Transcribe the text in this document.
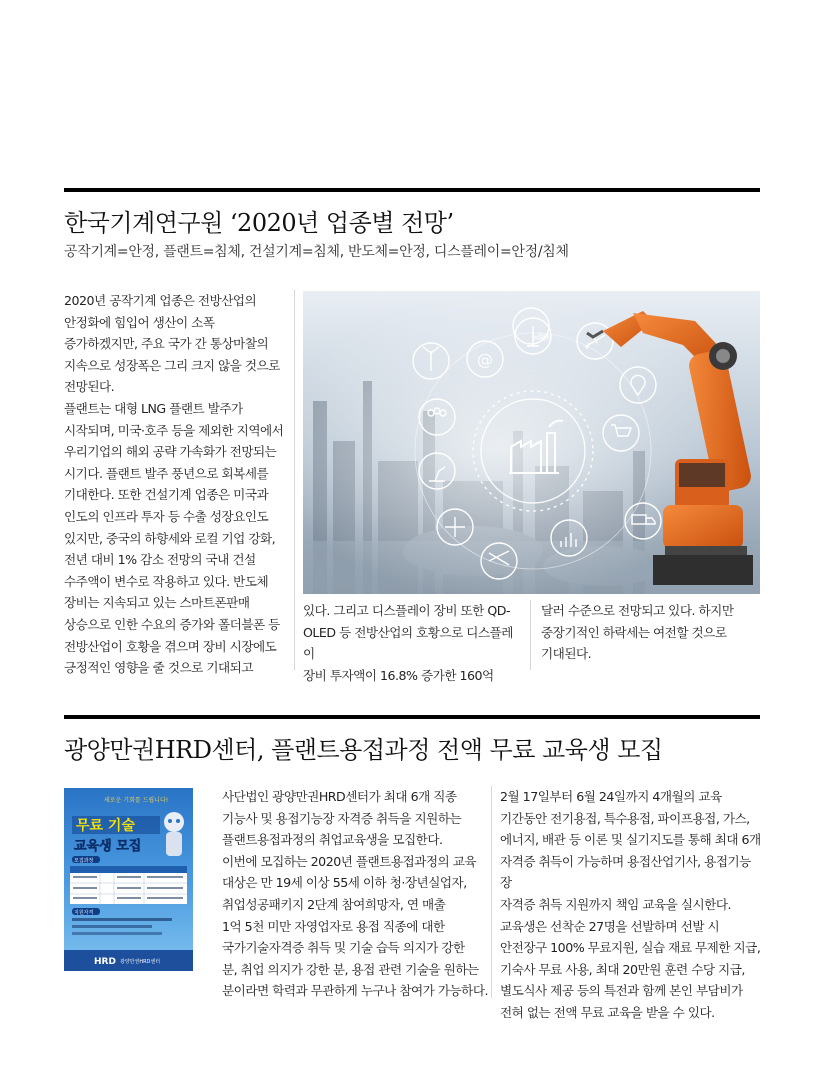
한국기계연구원 ‘2020년 업종별 전망’
공작기계=안정, 플랜트=침체, 건설기계=침체, 반도체=안정, 디스플레이=안정/침체

2020년 공작기계 업종은 전방산업의

안정화에 힘입어 생산이 소폭

증가하겠지만, 주요 국가 간 통상마찰의

지속으로 성장폭은 그리 크지 않을 것으로

전망된다.

플랜트는 대형 LNG 플랜트 발주가

시작되며, 미국·호주 등을 제외한 지역에서

우리기업의 해외 공략 가속화가 전망되는

시기다. 플랜트 발주 풍년으로 회복세를

기대한다. 또한 건설기계 업종은 미국과

인도의 인프라 투자 등 수출 성장요인도

있지만, 중국의 하향세와 로컬 기업 강화,

전년 대비 1% 감소 전망의 국내 건설

수주액이 변수로 작용하고 있다. 반도체

장비는 지속되고 있는 스마트폰판매

상승으로 인한 수요의 증가와 폴더블폰 등

전방산업이 호황을 겪으며 장비 시장에도

긍정적인 영향을 줄 것으로 기대되고

@

있다. 그리고 디스플레이 장비 또한 QD-

OLED 등 전방산업의 호황으로 디스플레이

장비 투자액이 16.8% 증가한 160억

달러 수준으로 전망되고 있다. 하지만

중장기적인 하락세는 여전할 것으로

기대된다.

광양만권HRD센터, 플랜트용접과정 전액 무료 교육생 모집
새로운 기회를 드립니다!
무료 기술
교육생 모집
모집과정
지원자격
HRD 광양만권HRD센터

사단법인 광양만권HRD센터가 최대 6개 직종

기능사 및 용접기능장 자격증 취득을 지원하는

플랜트용접과정의 취업교육생을 모집한다.

이번에 모집하는 2020년 플랜트용접과정의 교육

대상은 만 19세 이상 55세 이하 청·장년실업자,

취업성공패키지 2단계 참여희망자, 연 매출

1억 5천 미만 자영업자로 용접 직종에 대한

국가기술자격증 취득 및 기술 습득 의지가 강한

분, 취업 의지가 강한 분, 용접 관련 기술을 원하는

분이라면 학력과 무관하게 누구나 참여가 가능하다.

2월 17일부터 6월 24일까지 4개월의 교육

기간동안 전기용접, 특수용접, 파이프용접, 가스,

에너지, 배관 등 이론 및 실기지도를 통해 최대 6개

자격증 취득이 가능하며 용접산업기사, 용접기능장

자격증 취득 지원까지 책임 교육을 실시한다.

교육생은 선착순 27명을 선발하며 선발 시

안전장구 100% 무료지원, 실습 재료 무제한 지급,

기숙사 무료 사용, 최대 20만원 훈련 수당 지급,

별도식사 제공 등의 특전과 함께 본인 부담비가

전혀 없는 전액 무료 교육을 받을 수 있다.
